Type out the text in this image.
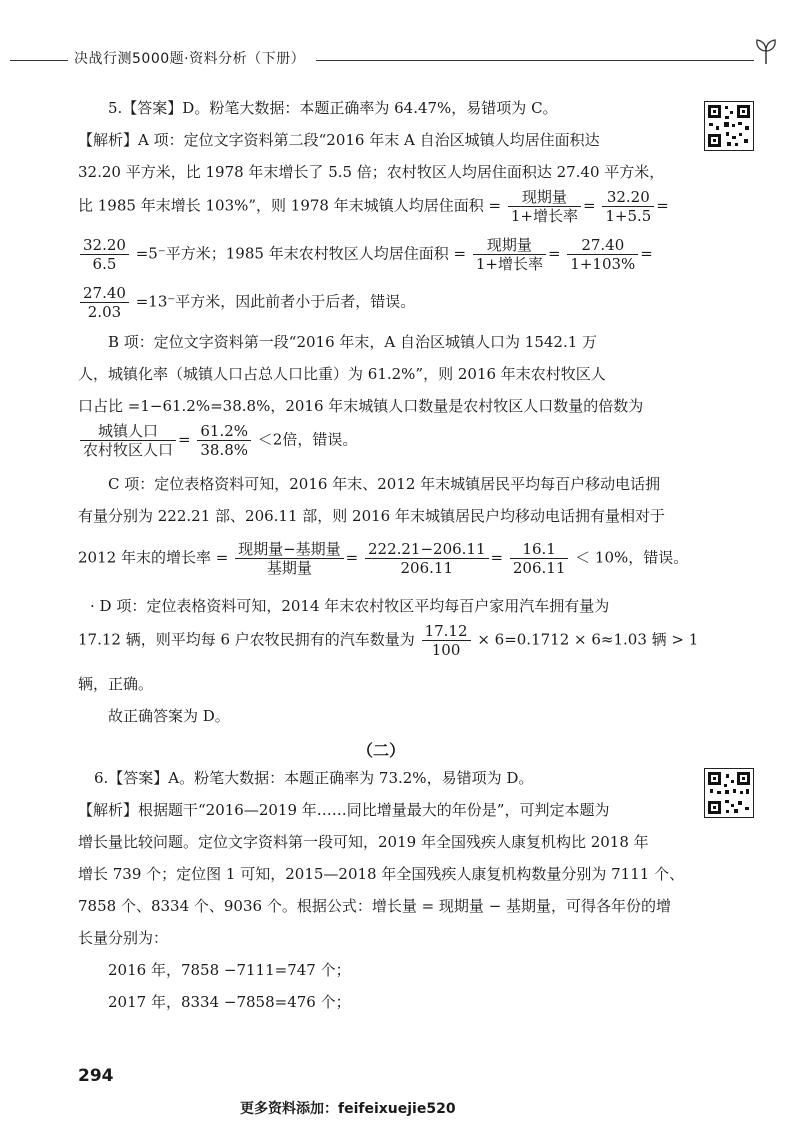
决战行测5000题·资料分析（下册）
5.【答案】D。粉笔大数据：本题正确率为 64.47%，易错项为 C。
【解析】A 项：定位文字资料第二段“2016 年末 A 自治区城镇人均居住面积达
32.20 平方米，比 1978 年末增长了 5.5 倍；农村牧区人均居住面积达 27.40 平方米，
比 1985 年末增长 103%”，则 1978 年末城镇人均居住面积 = $\frac{\text{现期量}}{\text{1+增长率}} = \frac{32.20}{1+5.5}$ =
$\frac{32.20}{6.5} =5^-$平方米；1985 年末农村牧区人均居住面积 = $\frac{\text{现期量}}{\text{1+增长率}} = \frac{27.40}{1+103\%}$ =
$\frac{27.40}{2.03} =13^-$平方米，因此前者小于后者，错误。
B 项：定位文字资料第一段“2016 年末，A 自治区城镇人口为 1542.1 万
人，城镇化率（城镇人口占总人口比重）为 61.2%”，则 2016 年末农村牧区人
口占比 =1−61.2%=38.8%，2016 年末城镇人口数量是农村牧区人口数量的倍数为
$\frac{\text{城镇人口}}{\text{农村牧区人口}} = \frac{61.2\%}{38.8\%} <2$倍，错误。
C 项：定位表格资料可知，2016 年末、2012 年末城镇居民平均每百户移动电话拥
有量分别为 222.21 部、206.11 部，则 2016 年末城镇居民户均移动电话拥有量相对于
2012 年末的增长率 = $\frac{\text{现期量−基期量}}{\text{基期量}} = \frac{222.21-206.11}{206.11} = \frac{16.1}{206.11} < 10\%$，错误。
· D 项：定位表格资料可知，2014 年末农村牧区平均每百户家用汽车拥有量为
17.12 辆，则平均每 6 户农牧民拥有的汽车数量为 $\frac{17.12}{100} \times 6=0.1712 \times 6\approx 1.03$ 辆 > 1
辆，正确。
故正确答案为 D。
（二）
6.【答案】A。粉笔大数据：本题正确率为 73.2%，易错项为 D。
【解析】根据题干“2016—2019 年……同比增量最大的年份是”，可判定本题为
增长量比较问题。定位文字资料第一段可知，2019 年全国残疾人康复机构比 2018 年
增长 739 个；定位图 1 可知，2015—2018 年全国残疾人康复机构数量分别为 7111 个、
7858 个、8334 个、9036 个。根据公式：增长量 = 现期量 − 基期量，可得各年份的增
长量分别为：
2016 年，7858 −7111=747 个；
2017 年，8334 −7858=476 个；
294
更多资料添加：feifeixuejie520
